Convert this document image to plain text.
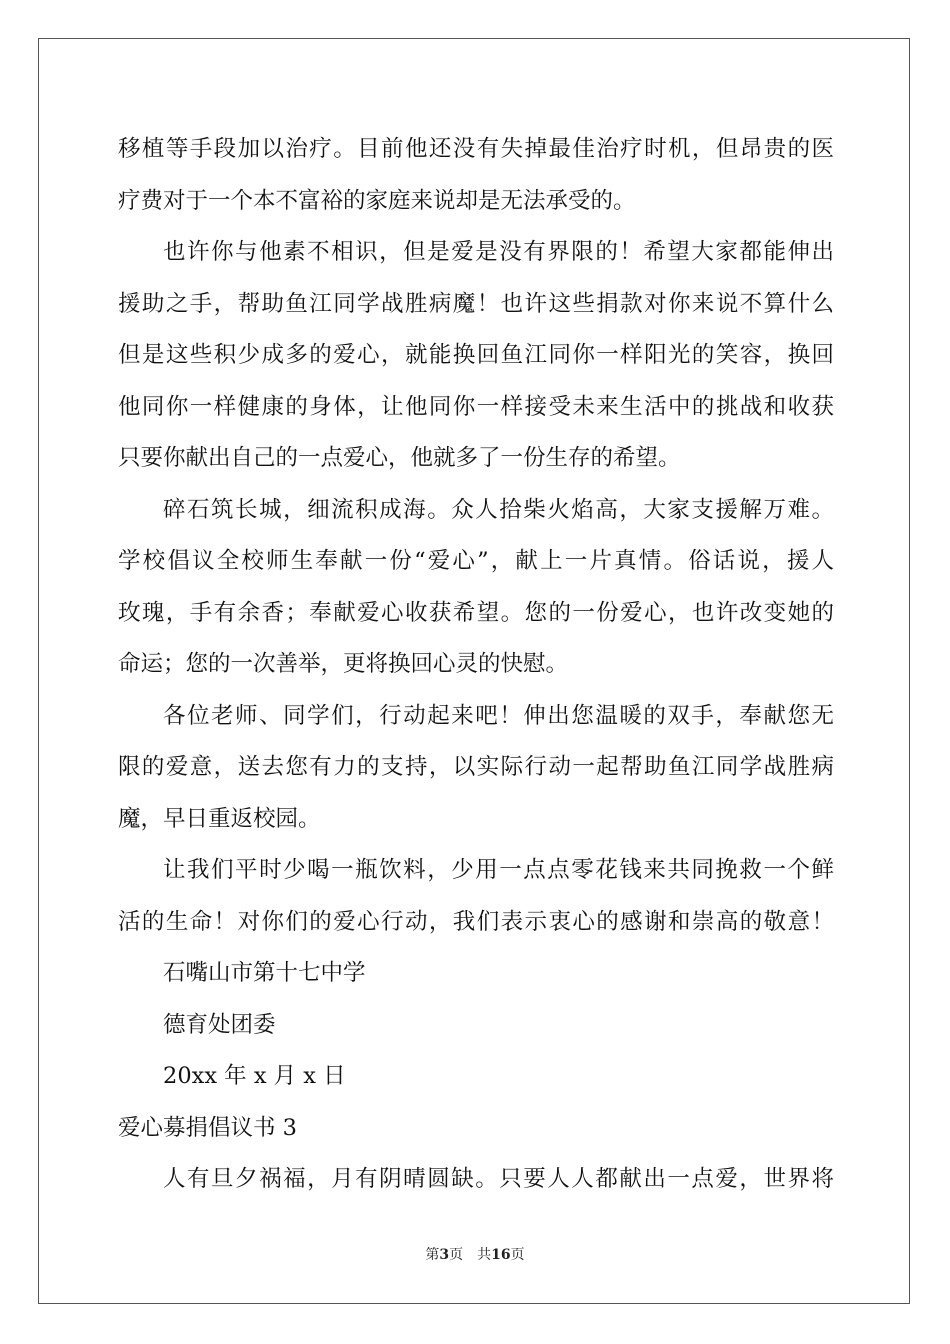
移植等手段加以治疗。目前他还没有失掉最佳治疗时机，但昂贵的医
疗费对于一个本不富裕的家庭来说却是无法承受的。
也许你与他素不相识，但是爱是没有界限的！希望大家都能伸出
援助之手，帮助鱼江同学战胜病魔！也许这些捐款对你来说不算什么
但是这些积少成多的爱心，就能换回鱼江同你一样阳光的笑容，换回
他同你一样健康的身体，让他同你一样接受未来生活中的挑战和收获
只要你献出自己的一点爱心，他就多了一份生存的希望。
碎石筑长城，细流积成海。众人拾柴火焰高，大家支援解万难。
学校倡议全校师生奉献一份“爱心”，献上一片真情。俗话说，援人
玫瑰，手有余香；奉献爱心收获希望。您的一份爱心，也许改变她的
命运；您的一次善举，更将换回心灵的快慰。
各位老师、同学们，行动起来吧！伸出您温暖的双手，奉献您无
限的爱意，送去您有力的支持，以实际行动一起帮助鱼江同学战胜病
魔，早日重返校园。
让我们平时少喝一瓶饮料，少用一点点零花钱来共同挽救一个鲜
活的生命！对你们的爱心行动，我们表示衷心的感谢和崇高的敬意！
石嘴山市第十七中学
德育处团委
20xx 年 x 月 x 日
爱心募捐倡议书 3
人有旦夕祸福，月有阴晴圆缺。只要人人都献出一点爱，世界将
第3页　共16页
